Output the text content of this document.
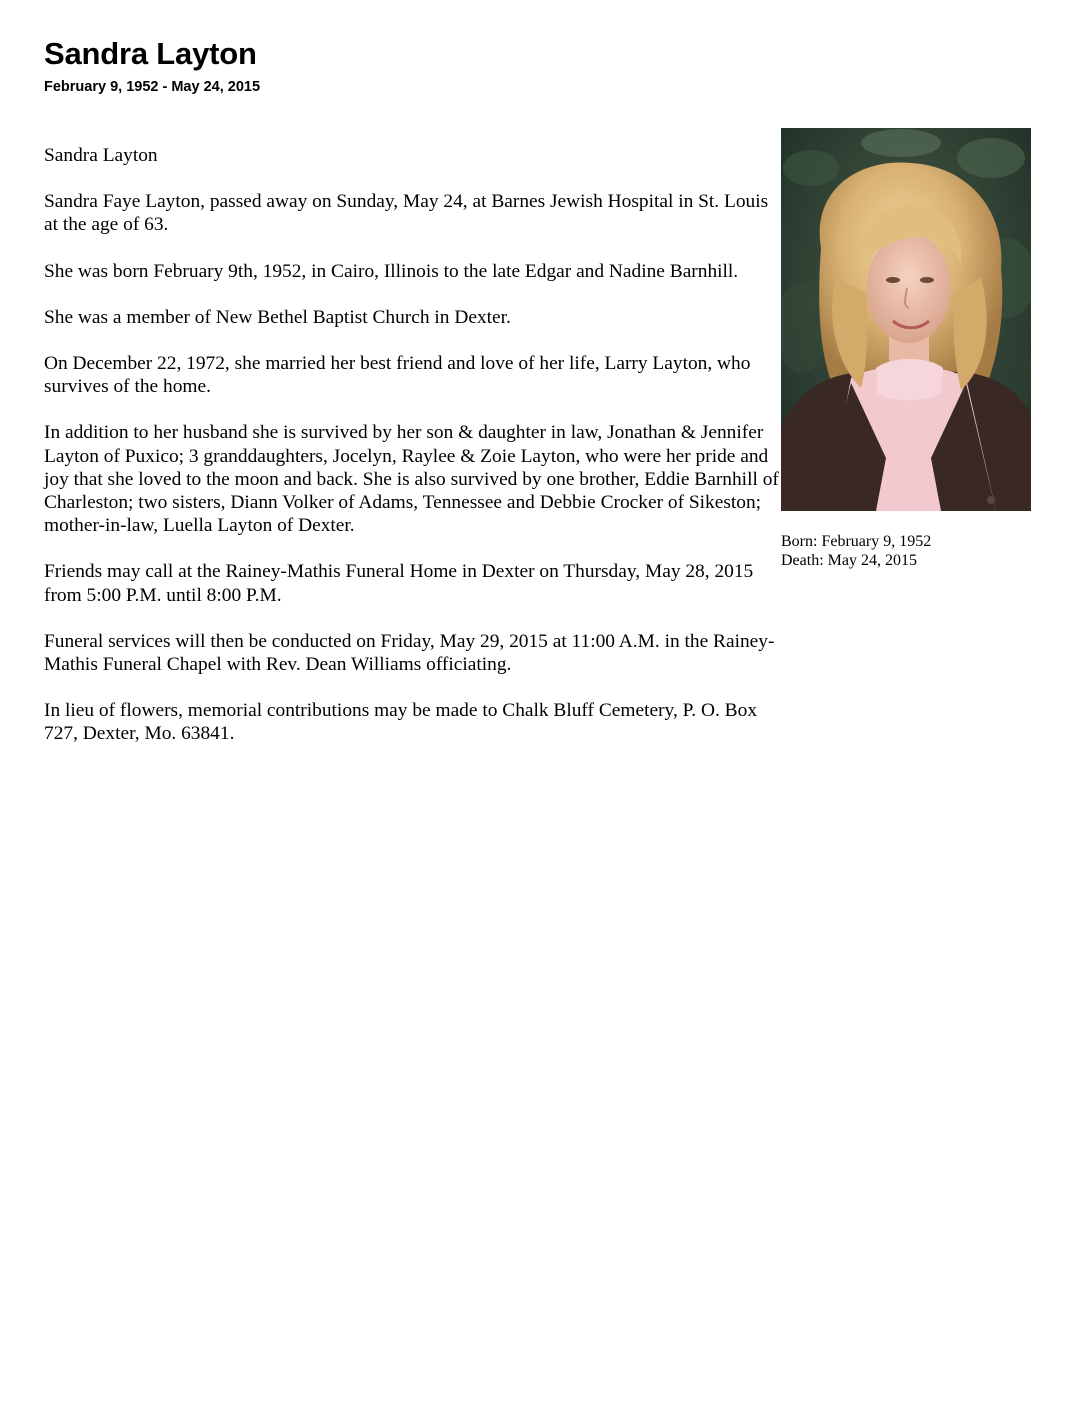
Sandra Layton
February 9, 1952 - May 24, 2015

Sandra Layton

Sandra Faye Layton, passed away on Sunday, May 24, at Barnes Jewish Hospital in St. Louis at the age of 63.

She was born February 9th, 1952, in Cairo, Illinois to the late Edgar and Nadine Barnhill.

She was a member of New Bethel Baptist Church in Dexter.

On December 22, 1972, she married her best friend and love of her life, Larry Layton, who survives of the home.

In addition to her husband she is survived by her son & daughter in law, Jonathan & Jennifer Layton of Puxico; 3 granddaughters, Jocelyn, Raylee & Zoie Layton, who were her pride and joy that she loved to the moon and back. She is also survived by one brother, Eddie Barnhill of Charleston; two sisters, Diann Volker of Adams, Tennessee and Debbie Crocker of Sikeston; mother-in-law, Luella Layton of Dexter.

Friends may call at the Rainey-Mathis Funeral Home in Dexter on Thursday, May 28, 2015 from 5:00 P.M. until 8:00 P.M.

Funeral services will then be conducted on Friday, May 29, 2015 at 11:00 A.M. in the Rainey-Mathis Funeral Chapel with Rev. Dean Williams officiating.

In lieu of flowers, memorial contributions may be made to Chalk Bluff Cemetery, P. O. Box 727, Dexter, Mo. 63841.

Born: February 9, 1952
Death: May 24, 2015
